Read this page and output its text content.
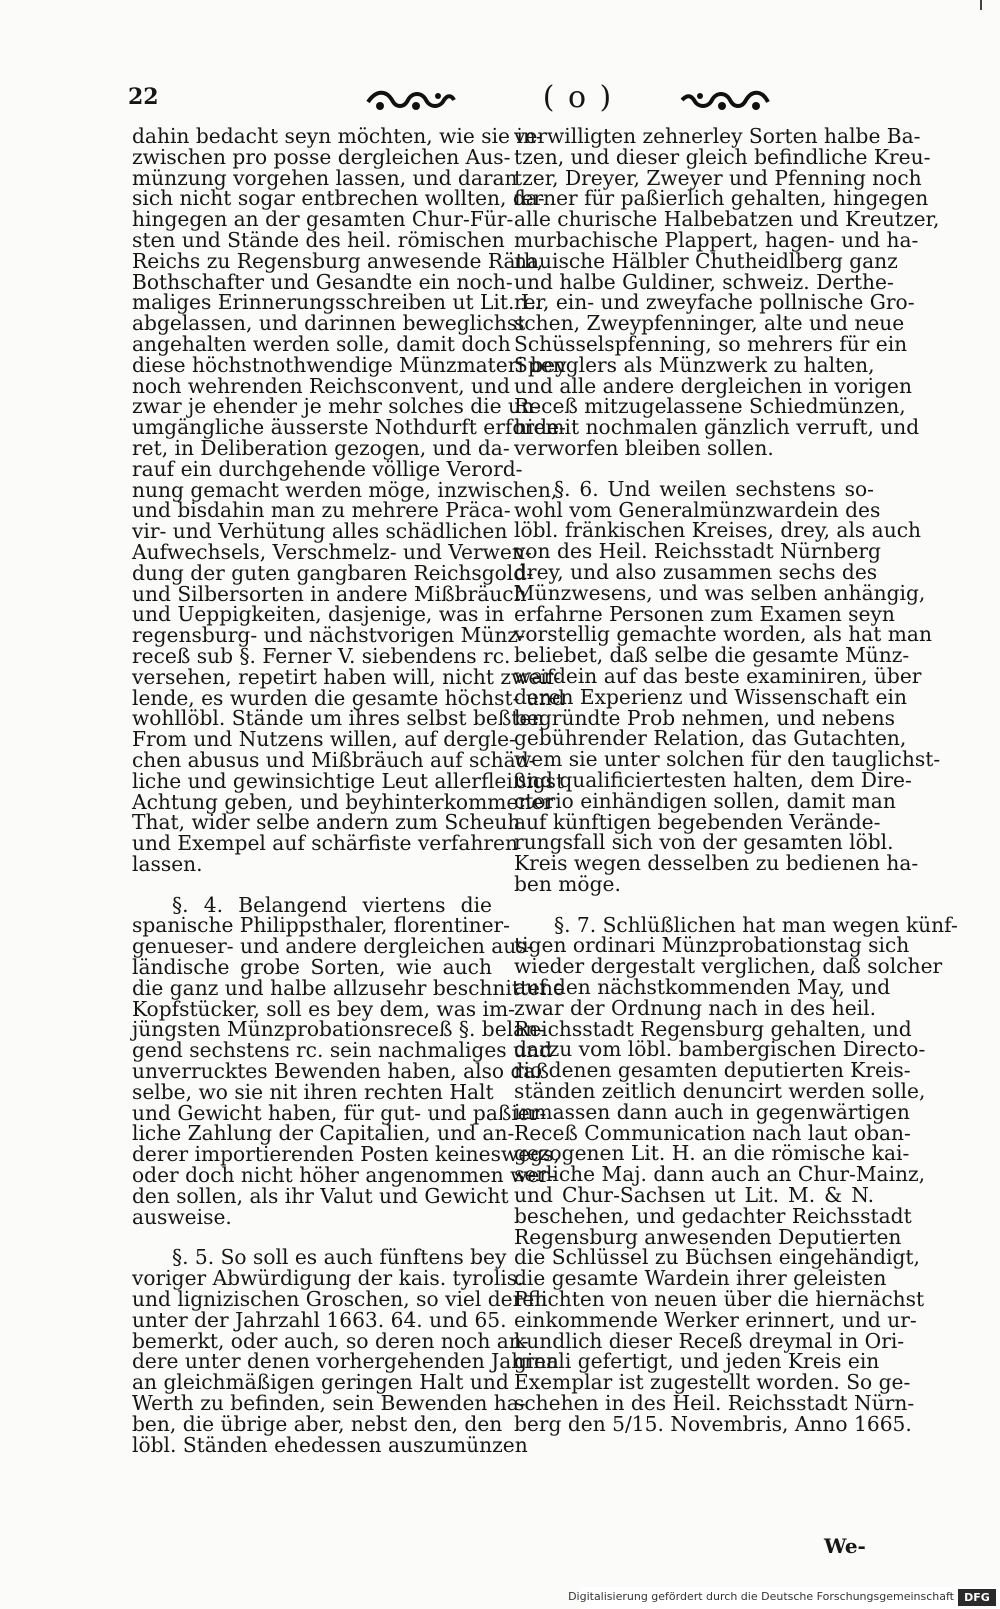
22	( o )
dahin bedacht seyn möchten, wie sie in-
zwischen pro posse dergleichen Aus-
münzung vorgehen lassen, und daran
sich nicht sogar entbrechen wollten, da-
hingegen an der gesamten Chur-Für-
sten und Stände des heil. römischen
Reichs zu Regensburg anwesende Räth,
Bothschafter und Gesandte ein noch-
maliges Erinnerungsschreiben ut Lit. L.
abgelassen, und darinnen beweglichst
angehalten werden solle, damit doch
diese höchstnothwendige Münzmateri bey
noch wehrenden Reichsconvent, und
zwar je ehender je mehr solches die un-
umgängliche äusserste Nothdurft erforde-
ret, in Deliberation gezogen, und da-
rauf ein durchgehende völlige Verord-
nung gemacht werden möge, inzwischen,
und bisdahin man zu mehrere Präca-
vir- und Verhütung alles schädlichen
Aufwechsels, Verschmelz- und Verwen-
dung der guten gangbaren Reichsgold-
und Silbersorten in andere Mißbräuch
und Ueppigkeiten, dasjenige, was in
regensburg- und nächstvorigen Münz-
receß sub §. Ferner V. siebendens rc.
versehen, repetirt haben will, nicht zweif-
lende, es wurden die gesamte höchst- und
wohllöbl. Stände um ihres selbst beßten
From und Nutzens willen, auf dergle-
chen abusus und Mißbräuch auf schäd-
liche und gewinsichtige Leut allerfleißigst
Achtung geben, und beyhinterkommener
That, wider selbe andern zum Scheuh
und Exempel auf schärfiste verfahren
lassen.
§. 4. Belangend viertens die
spanische Philippsthaler, florentiner-
genueser- und andere dergleichen aus-
ländische grobe Sorten, wie auch
die ganz und halbe allzusehr beschnittene
Kopfstücker, soll es bey dem, was im-
jüngsten Münzprobationsreceß §. belan-
gend sechstens rc. sein nachmaliges und
unverrucktes Bewenden haben, also daß
selbe, wo sie nit ihren rechten Halt
und Gewicht haben, für gut- und paßier-
liche Zahlung der Capitalien, und an-
derer importierenden Posten keineswegs,
oder doch nicht höher angenommen wer-
den sollen, als ihr Valut und Gewicht
ausweise.
§. 5. So soll es auch fünftens bey
voriger Abwürdigung der kais. tyrolis.
und lignizischen Groschen, so viel deren
unter der Jahrzahl 1663. 64. und 65.
bemerkt, oder auch, so deren noch an-
dere unter denen vorhergehenden Jahren
an gleichmäßigen geringen Halt und
Werth zu befinden, sein Bewenden ha-
ben, die übrige aber, nebst den, den
löbl. Ständen ehedessen auszumünzen
verwilligten zehnerley Sorten halbe Ba-
tzen, und dieser gleich befindliche Kreu-
tzer, Dreyer, Zweyer und Pfenning noch
ferner für paßierlich gehalten, hingegen
alle churische Halbebatzen und Kreutzer,
murbachische Plappert, hagen- und ha-
nauische Hälbler Chutheidlberg ganz
und halbe Guldiner, schweiz. Derthe-
rer, ein- und zweyfache pollnische Gro-
schen, Zweypfenninger, alte und neue
Schüsselspfenning, so mehrers für ein
Spenglers als Münzwerk zu halten,
und alle andere dergleichen in vorigen
Receß mitzugelassene Schiedmünzen,
hiemit nochmalen gänzlich verruft, und
verworfen bleiben sollen.
§. 6. Und weilen sechstens so-
wohl vom Generalmünzwardein des
löbl. fränkischen Kreises, drey, als auch
von des Heil. Reichsstadt Nürnberg
drey, und also zusammen sechs des
Münzwesens, und was selben anhängig,
erfahrne Personen zum Examen seyn
vorstellig gemachte worden, als hat man
beliebet, daß selbe die gesamte Münz-
wardein auf das beste examiniren, über
deren Experienz und Wissenschaft ein
begründte Prob nehmen, und nebens
gebührender Relation, das Gutachten,
wem sie unter solchen für den tauglichst-
und qualificiertesten halten, dem Dire-
ctorio einhändigen sollen, damit man
auf künftigen begebenden Verände-
rungsfall sich von der gesamten löbl.
Kreis wegen desselben zu bedienen ha-
ben möge.
§. 7. Schlüßlichen hat man wegen künf-
tigen ordinari Münzprobationstag sich
wieder dergestalt verglichen, daß solcher
auf den nächstkommenden May, und
zwar der Ordnung nach in des heil.
Reichsstadt Regensburg gehalten, und
darzu vom löbl. bambergischen Directo-
rio denen gesamten deputierten Kreis-
ständen zeitlich denuncirt werden solle,
inmassen dann auch in gegenwärtigen
Receß Communication nach laut oban-
gezogenen Lit. H. an die römische kai-
serliche Maj. dann auch an Chur-Mainz,
und Chur-Sachsen ut Lit. M. & N.
beschehen, und gedachter Reichsstadt
Regensburg anwesenden Deputierten
die Schlüssel zu Büchsen eingehändigt,
die gesamte Wardein ihrer geleisten
Pflichten von neuen über die hiernächst
einkommende Werker erinnert, und ur-
kundlich dieser Receß dreymal in Ori-
ginali gefertigt, und jeden Kreis ein
Exemplar ist zugestellt worden. So ge-
schehen in des Heil. Reichsstadt Nürn-
berg den 5/15. Novembris, Anno 1665.
We-
Digitalisierung gefördert durch die Deutsche Forschungsgemeinschaft DFG
